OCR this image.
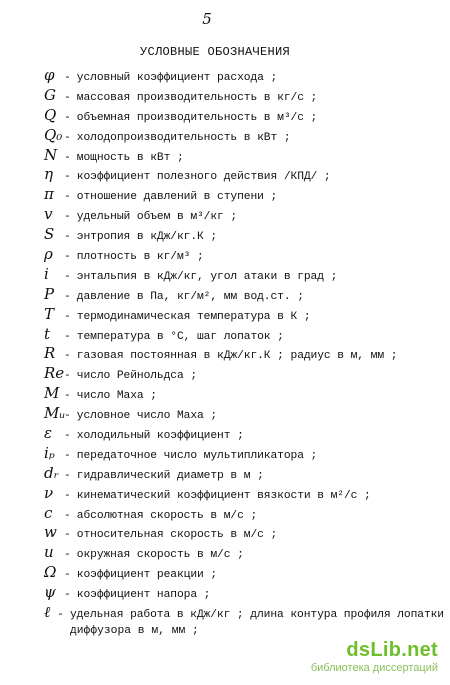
5
УСЛОВНЫЕ ОБОЗНАЧЕНИЯ
φ - условный коэффициент расхода ;
G - массовая производительность в кг/с ;
Q - объемная производительность в м³/с ;
Q₀ - холодопроизводительность в кВт ;
N - мощность в кВт ;
η - коэффициент полезного действия /КПД/ ;
π - отношение давлений в ступени ;
v	- удельный объем в м³/кг ;
S - энтропия в кДж/кг.К ;
ρ - плотность в кг/м³ ;
i	- энтальпия в кДж/кг, угол атаки в град ;
P - давление в Па, кг/м², мм вод.ст. ;
T - термодинамическая температура в К ;
t	- температура в °С, шаг лопаток ;
R - газовая постоянная в кДж/кг.К ; радиус в м, мм ;
Re - число Рейнольдса ;
M - число Маха ;
Mᵤ
- условное число Маха ;
ε	- холодильный коэффициент ;
iₚ - передаточное число мультипликатора ;
dᵣ - гидравлический диаметр в м ;
ν - кинематический коэффициент вязкости в м²/с ;
c	- абсолютная скорость в м/с ;
w - относительная скорость в м/с ;
u - окружная скорость в м/с ;
Ω - коэффициент реакции ;
ψ - коэффициент напора ;
ℓ - удельная работа в кДж/кг ; длина контура профиля лопатки
диффузора в м, мм ;
dsLib.net
библиотека диссертаций
